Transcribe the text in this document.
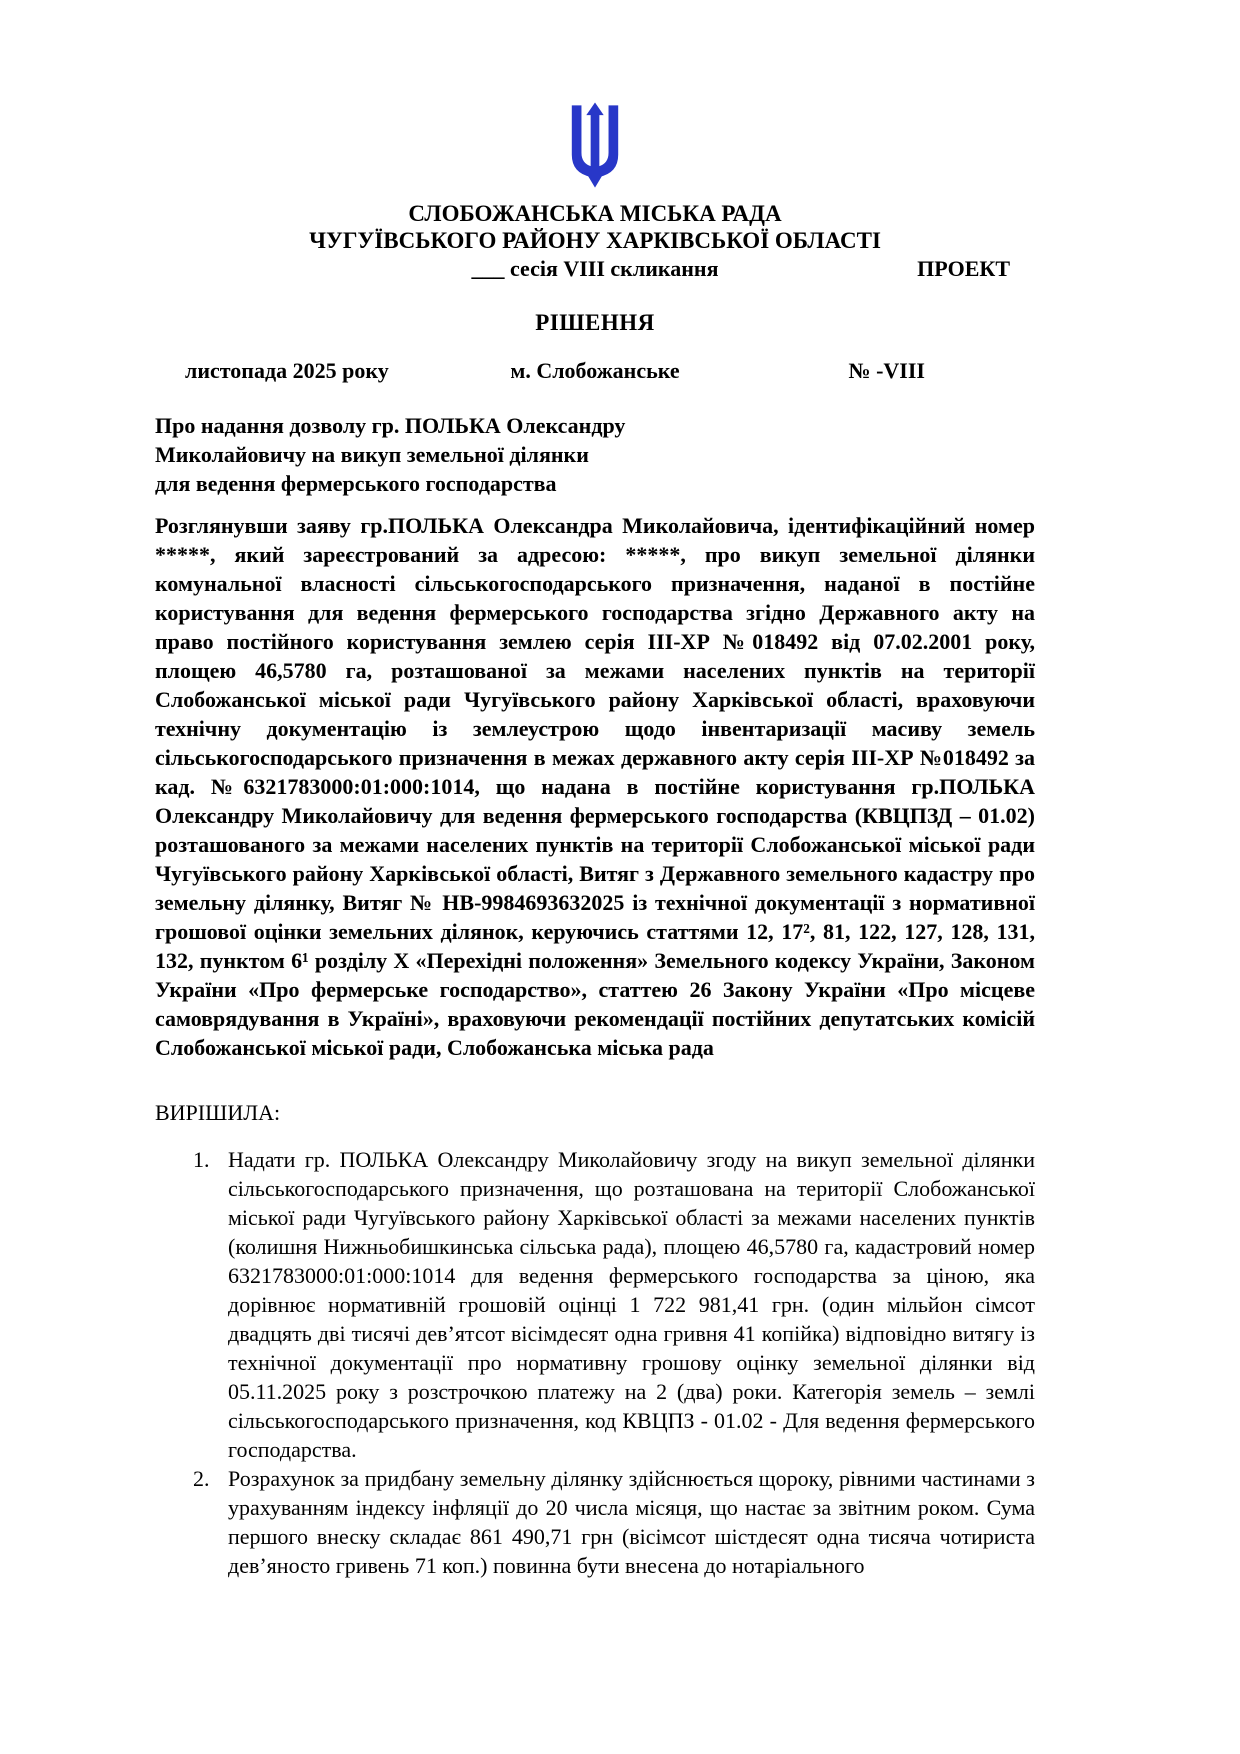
СЛОБОЖАНСЬКА МІСЬКА РАДА
ЧУГУЇВСЬКОГО РАЙОНУ ХАРКІВСЬКОЇ ОБЛАСТІ
___ сесія VIII скликання	ПРОЕКТ
РІШЕННЯ
листопада 2025 року	м. Слобожанське	№ -VIII
Про надання дозволу гр. ПОЛЬКА Олександру
Миколайовичу на викуп земельної ділянки
для ведення фермерського господарства

Розглянувши заяву гр.ПОЛЬКА Олександра Миколайовича, ідентифікаційний номер *****, який зареєстрований за адресою: *****, про викуп земельної ділянки комунальної власності сільськогосподарського призначення, наданої в постійне користування для ведення фермерського господарства згідно Державного акту на право постійного користування землею серія ІІІ-ХР №018492 від 07.02.2001 року, площею 46,5780 га, розташованої за межами населених пунктів на території Слобожанської міської ради Чугуївського району Харківської області, враховуючи технічну документацію із землеустрою щодо інвентаризації масиву земель сільськогосподарського призначення в межах державного акту серія ІІІ-ХР №018492 за кад. №6321783000:01:000:1014, що надана в постійне користування гр.ПОЛЬКА Олександру Миколайовичу для ведення фермерського господарства (КВЦПЗД – 01.02) розташованого за межами населених пунктів на території Слобожанської міської ради Чугуївського району Харківської області, Витяг з Державного земельного кадастру про земельну ділянку, Витяг № НВ-9984693632025 із технічної документації з нормативної грошової оцінки земельних ділянок, керуючись статтями 12, 17², 81, 122, 127, 128, 131, 132, пунктом 6¹ розділу X «Перехідні положення» Земельного кодексу України, Законом України «Про фермерське господарство», статтею 26 Закону України «Про місцеве самоврядування в Україні», враховуючи рекомендації постійних депутатських комісій Слобожанської міської ради, Слобожанська міська рада

ВИРІШИЛА:
1. Надати гр. ПОЛЬКА Олександру Миколайовичу згоду на викуп земельної ділянки сільськогосподарського призначення, що розташована на території Слобожанської міської ради Чугуївського району Харківської області за межами населених пунктів (колишня Нижньобишкинська сільська рада), площею 46,5780 га, кадастровий номер 6321783000:01:000:1014 для ведення фермерського господарства за ціною, яка дорівнює нормативній грошовій оцінці 1 722 981,41 грн. (один мільйон сімсот двадцять дві тисячі дев’ятсот вісімдесят одна гривня 41 копійка) відповідно витягу із технічної документації про нормативну грошову оцінку земельної ділянки від 05.11.2025 року з розстрочкою платежу на 2 (два) роки. Категорія земель – землі сільськогосподарського призначення, код КВЦПЗ - 01.02 - Для ведення фермерського господарства.
2. Розрахунок за придбану земельну ділянку здійснюється щороку, рівними частинами з урахуванням індексу інфляції до 20 числа місяця, що настає за звітним роком. Сума першого внеску складає 861 490,71 грн (вісімсот шістдесят одна тисяча чотириста дев’яносто гривень 71 коп.) повинна бути внесена до нотаріального
